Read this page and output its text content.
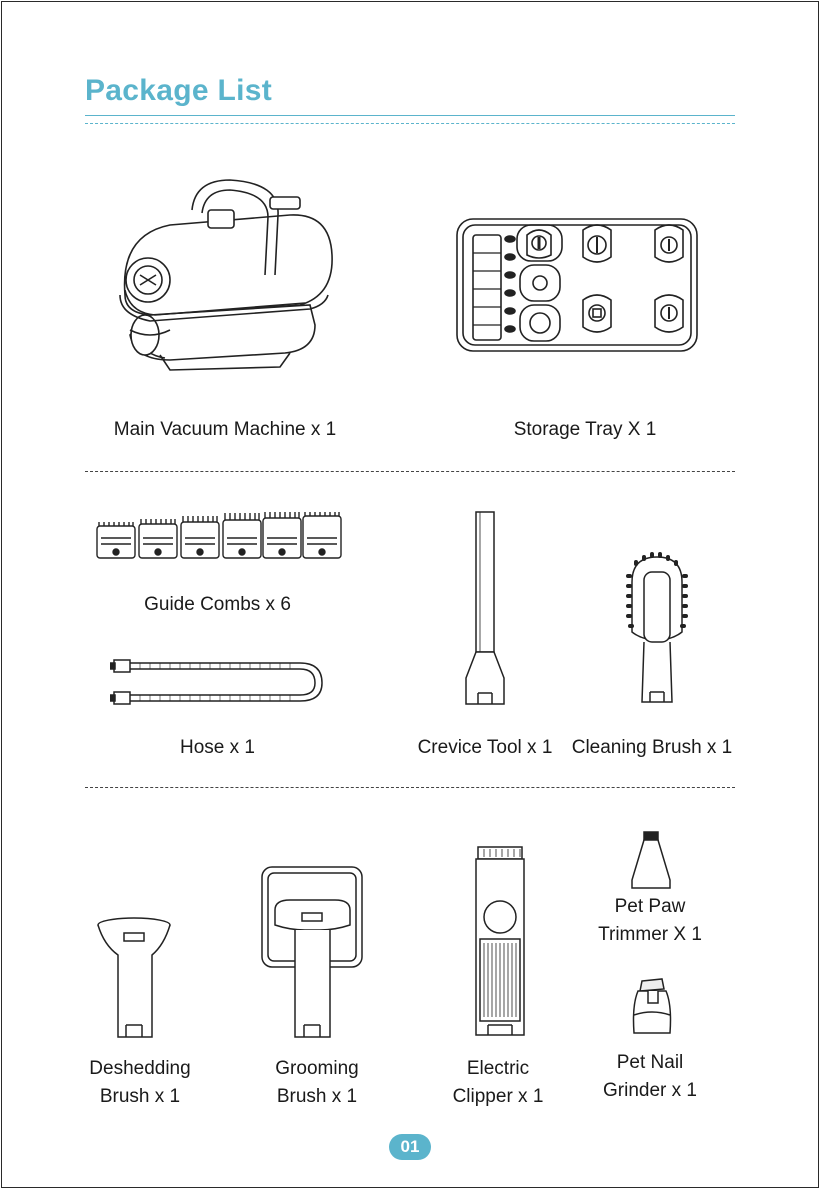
Package List
Main Vacuum Machine x 1	Storage Tray X 1
Guide Combs x 6
Hose x 1	Crevice Tool x 1	Cleaning Brush x 1
Deshedding
Brush x 1
Grooming
Brush x 1
Electric
Clipper x 1
Pet Paw
Trimmer X 1
Pet Nail
Grinder x 1
01
